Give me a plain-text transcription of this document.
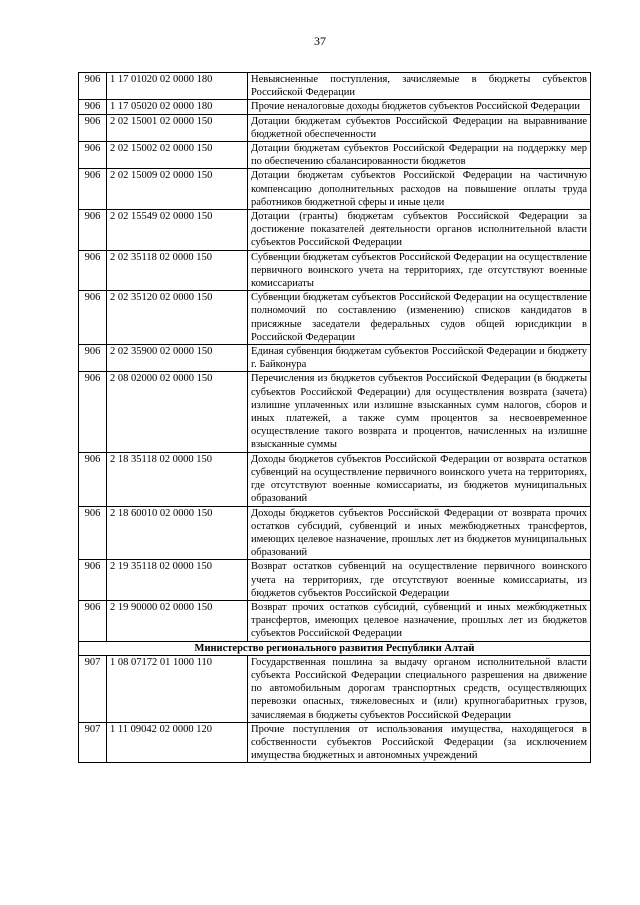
37
906	1 17 01020 02 0000 180	Невыясненные поступления, зачисляемые в бюджеты субъектов Российской Федерации
906	1 17 05020 02 0000 180	Прочие неналоговые доходы бюджетов субъектов Российской Федерации
906	2 02 15001 02 0000 150	Дотации бюджетам субъектов Российской Федерации на выравнивание бюджетной обеспеченности
906	2 02 15002 02 0000 150	Дотации бюджетам субъектов Российской Федерации на поддержку мер по обеспечению сбалансированности бюджетов
906	2 02 15009 02 0000 150	Дотации бюджетам субъектов Российской Федерации на частичную компенсацию дополнительных расходов на повышение оплаты труда работников бюджетной сферы и иные цели
906	2 02 15549 02 0000 150	Дотации (гранты) бюджетам субъектов Российской Федерации за достижение показателей деятельности органов исполнительной власти субъектов Российской Федерации
906	2 02 35118 02 0000 150	Субвенции бюджетам субъектов Российской Федерации на осуществление первичного воинского учета на территориях, где отсутствуют военные комиссариаты
906	2 02 35120 02 0000 150	Субвенции бюджетам субъектов Российской Федерации на осуществление полномочий по составлению (изменению) списков кандидатов в присяжные заседатели федеральных судов общей юрисдикции в Российской Федерации
906	2 02 35900 02 0000 150	Единая субвенция бюджетам субъектов Российской Федерации и бюджету г. Байконура
906	2 08 02000 02 0000 150	Перечисления из бюджетов субъектов Российской Федерации (в бюджеты субъектов Российской Федерации) для осуществления возврата (зачета) излишне уплаченных или излишне взысканных сумм налогов, сборов и иных платежей, а также сумм процентов за несвоевременное осуществление такого возврата и процентов, начисленных на излишне взысканные суммы
906	2 18 35118 02 0000 150	Доходы бюджетов субъектов Российской Федерации от возврата остатков субвенций на осуществление первичного воинского учета на территориях, где отсутствуют военные комиссариаты, из бюджетов муниципальных образований
906	2 18 60010 02 0000 150	Доходы бюджетов субъектов Российской Федерации от возврата прочих остатков субсидий, субвенций и иных межбюджетных трансфертов, имеющих целевое назначение, прошлых лет из бюджетов муниципальных образований
906	2 19 35118 02 0000 150	Возврат остатков субвенций на осуществление первичного воинского учета на территориях, где отсутствуют военные комиссариаты, из бюджетов субъектов Российской Федерации
906	2 19 90000 02 0000 150	Возврат прочих остатков субсидий, субвенций и иных межбюджетных трансфертов, имеющих целевое назначение, прошлых лет из бюджетов субъектов Российской Федерации
Министерство регионального развития Республики Алтай		
907	1 08 07172 01 1000 110	Государственная пошлина за выдачу органом исполнительной власти субъекта Российской Федерации специального разрешения на движение по автомобильным дорогам транспортных средств, осуществляющих перевозки опасных, тяжеловесных и (или) крупногабаритных грузов, зачисляемая в бюджеты субъектов Российской Федерации
907	1 11 09042 02 0000 120	Прочие поступления от использования имущества, находящегося в собственности субъектов Российской Федерации (за исключением имущества бюджетных и автономных учреждений
